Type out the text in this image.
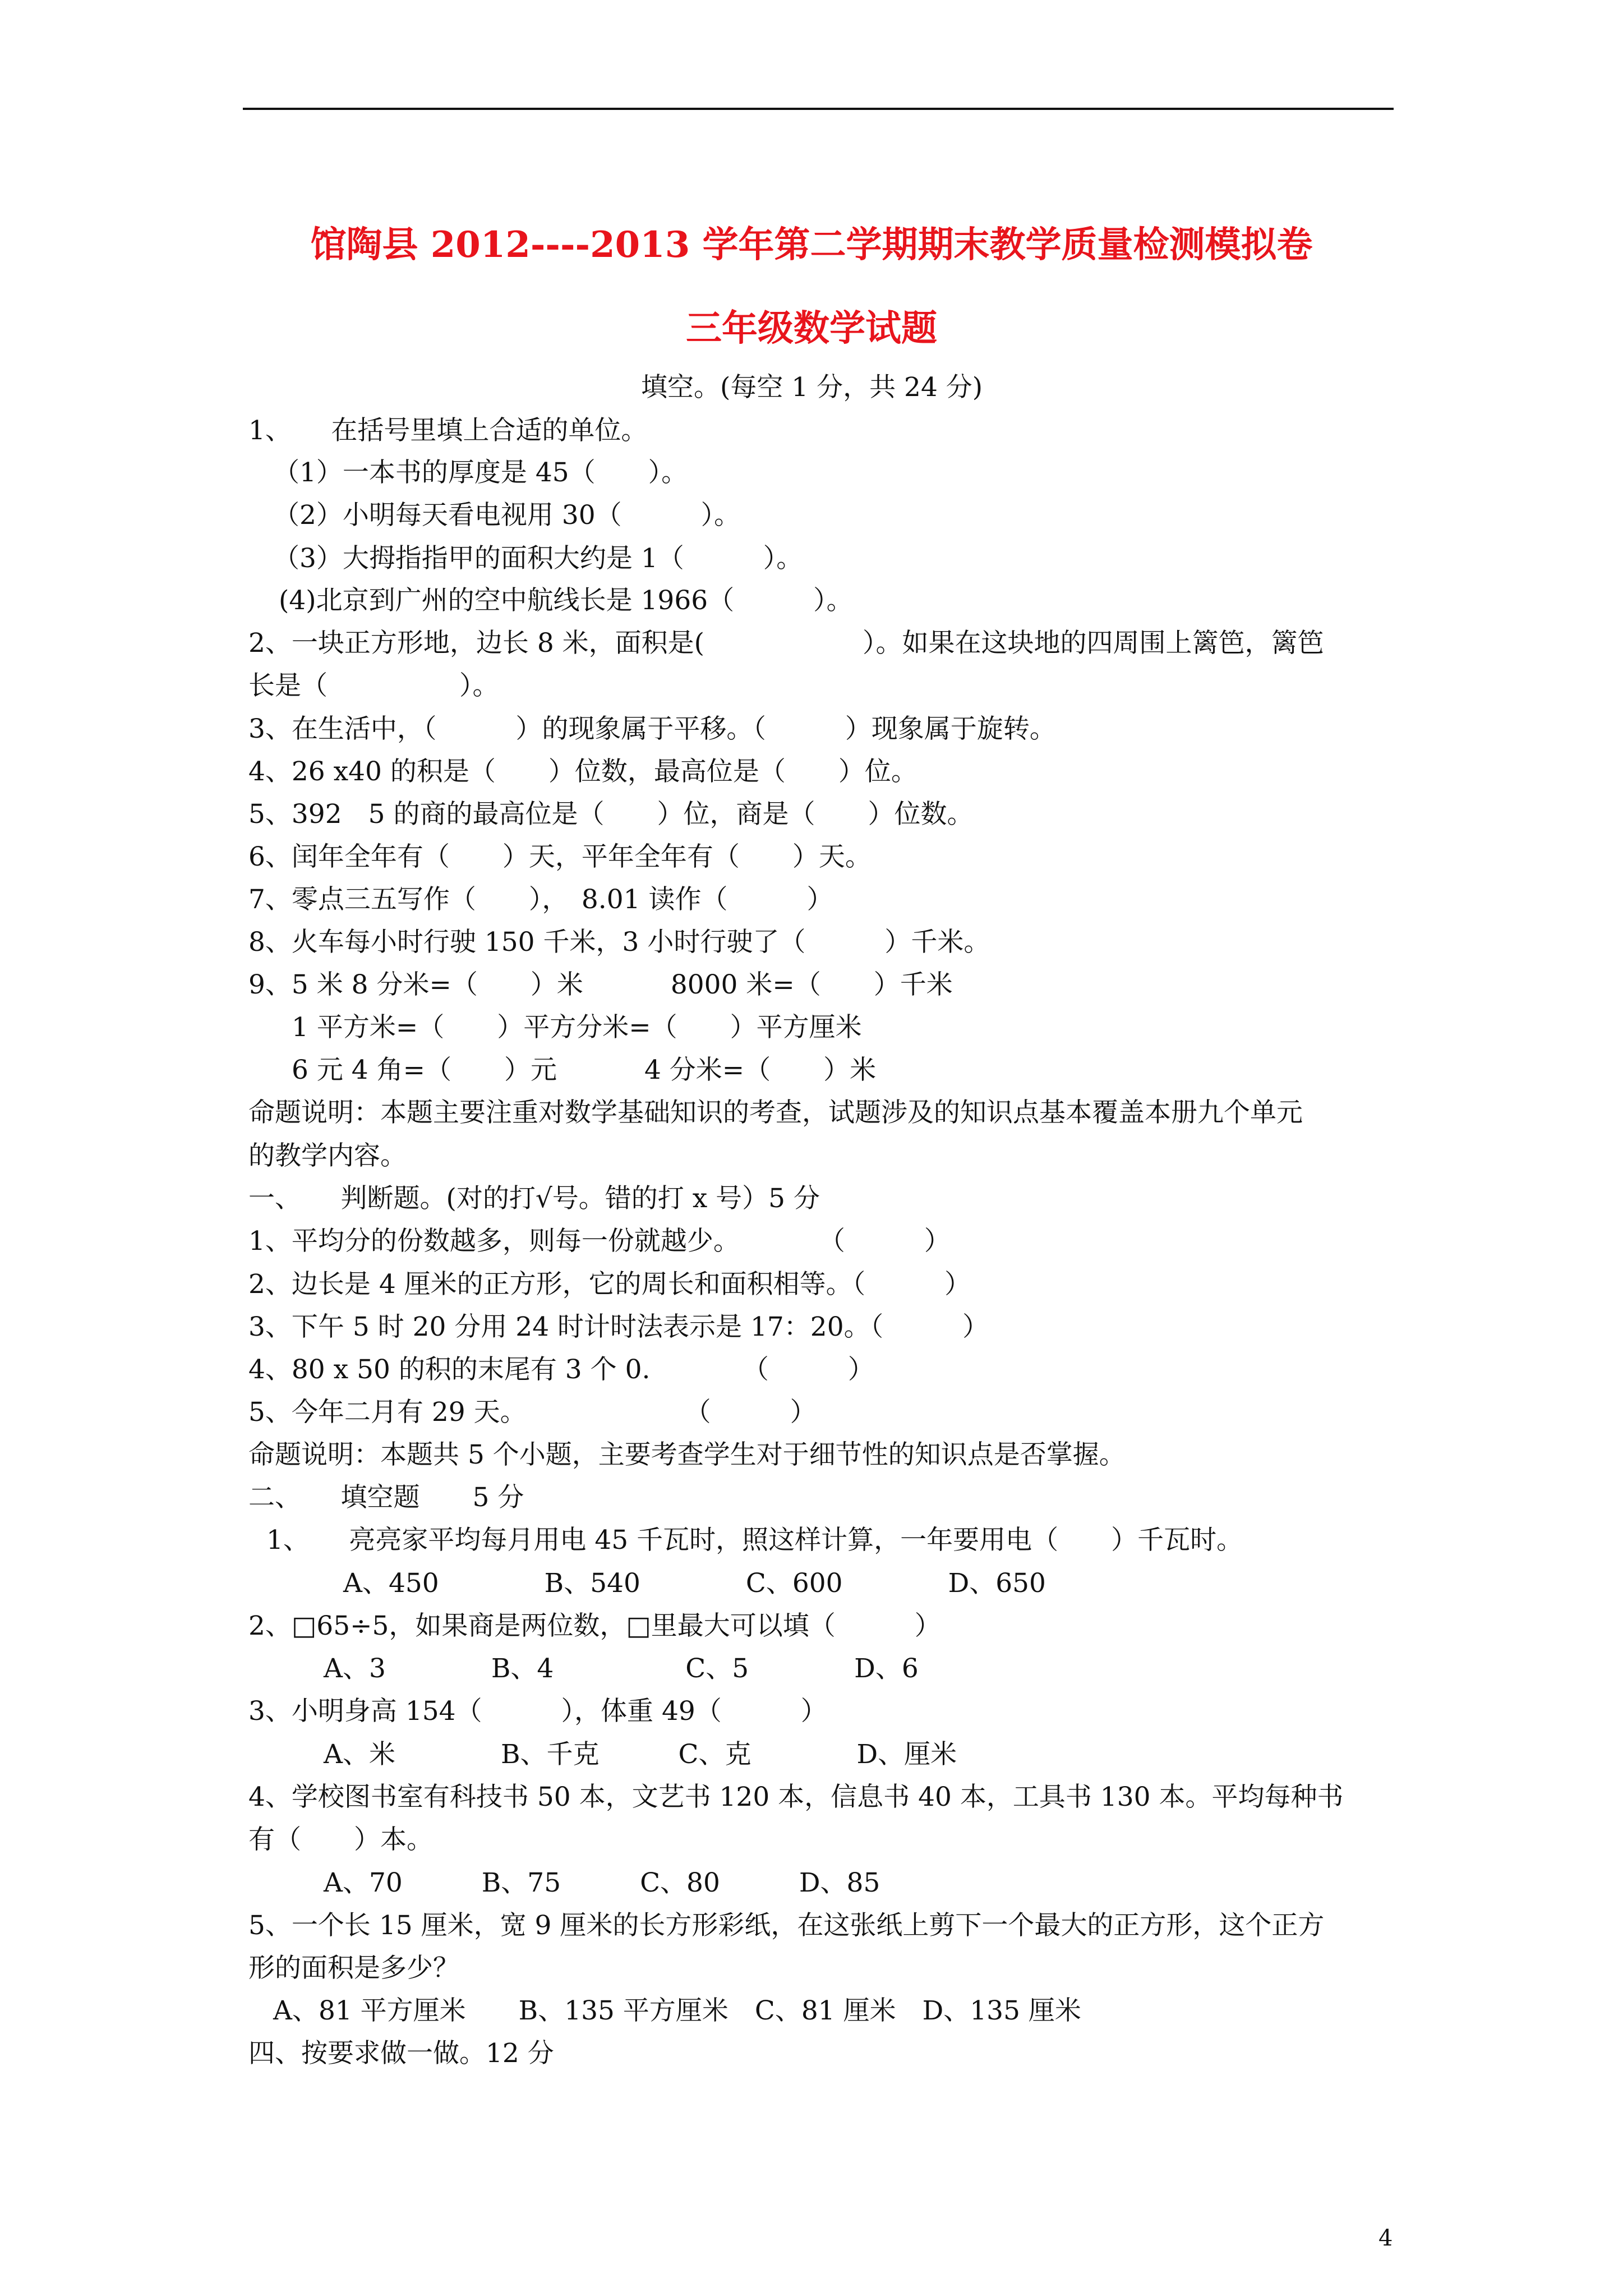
馆陶县 2012----2013 学年第二学期期末教学质量检测模拟卷
三年级数学试题
填空。(每空 1 分，共 24 分)
1、　　在括号里填上合适的单位。
（1）一本书的厚度是 45（　　）。
（2）小明每天看电视用 30（　　　）。
（3）大拇指指甲的面积大约是 1（　　　）。
(4)北京到广州的空中航线长是 1966（　　　）。
2、一块正方形地，边长 8 米，面积是(　　　　　　）。如果在这块地的四周围上篱笆，篱笆
长是（　　　　　）。
3、在生活中，（　　　）的现象属于平移。（　　　）现象属于旋转。
4、26 x40 的积是（　　）位数，最高位是（　　）位。
5、392　5 的商的最高位是（　　）位，商是（　　）位数。
6、闰年全年有（　　）天，平年全年有（　　）天。
7、零点三五写作（　　），　8.01 读作（　　　）
8、火车每小时行驶 150 千米，3 小时行驶了（　　　）千米。
9、5 米 8 分米=（　　）米　　　 8000 米=（　　）千米
1 平方米=（　　）平方分米=（　　）平方厘米
6 元 4 角=（　　）元　　　 4 分米=（　　）米
命题说明：本题主要注重对数学基础知识的考查，试题涉及的知识点基本覆盖本册九个单元
的教学内容。
一、　　判断题。(对的打√号。错的打 x 号）5 分
1、平均分的份数越多，则每一份就越少。　　　　（　　　）
2、边长是 4 厘米的正方形，它的周长和面积相等。（　　　）
3、下午 5 时 20 分用 24 时计时法表示是 17：20。（　　　）
4、80 x 50 的积的末尾有 3 个 0.　　　　（　　　）
5、今年二月有 29 天。　　　　　　　（　　　）
命题说明：本题共 5 个小题，主要考查学生对于细节性的知识点是否掌握。
二、　　填空题　　5 分
1、　　亮亮家平均每月用电 45 千瓦时，照这样计算，一年要用电（　　）千瓦时。
A、450　　　　B、540　　　　C、600　　　　D、650
2、□65÷5，如果商是两位数，□里最大可以填（　　　）
A、3　　　　B、4　　　　　C、5　　　　D、6
3、小明身高 154（　　　），体重 49（　　　）
A、米　　　　B、千克　　　C、克　　　　D、厘米
4、学校图书室有科技书 50 本，文艺书 120 本，信息书 40 本，工具书 130 本。平均每种书
有（　　）本。
A、70　　　B、75　　　C、80　　　D、85
5、一个长 15 厘米，宽 9 厘米的长方形彩纸，在这张纸上剪下一个最大的正方形，这个正方
形的面积是多少？
A、81 平方厘米　　B、135 平方厘米　C、81 厘米　D、135 厘米
四、按要求做一做。12 分
4
